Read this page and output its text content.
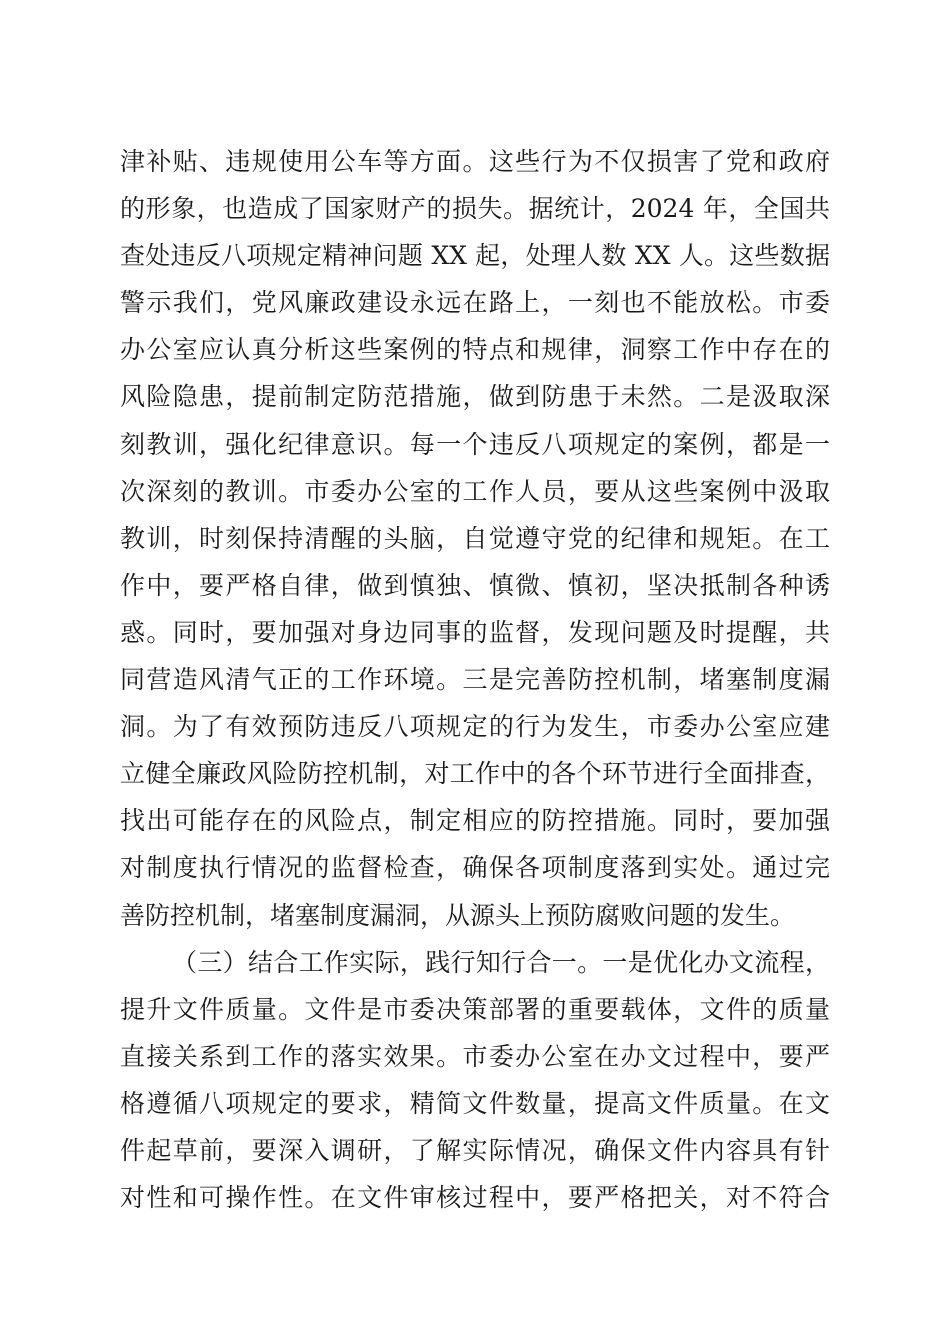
津补贴、违规使用公车等方面。这些行为不仅损害了党和政府
的形象，也造成了国家财产的损失。据统计，2024 年，全国共
查处违反八项规定精神问题 XX 起，处理人数 XX 人。这些数据
警示我们，党风廉政建设永远在路上，一刻也不能放松。市委
办公室应认真分析这些案例的特点和规律，洞察工作中存在的
风险隐患，提前制定防范措施，做到防患于未然。二是汲取深
刻教训，强化纪律意识。每一个违反八项规定的案例，都是一
次深刻的教训。市委办公室的工作人员，要从这些案例中汲取
教训，时刻保持清醒的头脑，自觉遵守党的纪律和规矩。在工
作中，要严格自律，做到慎独、慎微、慎初，坚决抵制各种诱
惑。同时，要加强对身边同事的监督，发现问题及时提醒，共
同营造风清气正的工作环境。三是完善防控机制，堵塞制度漏
洞。为了有效预防违反八项规定的行为发生，市委办公室应建
立健全廉政风险防控机制，对工作中的各个环节进行全面排查，
找出可能存在的风险点，制定相应的防控措施。同时，要加强
对制度执行情况的监督检查，确保各项制度落到实处。通过完
善防控机制，堵塞制度漏洞，从源头上预防腐败问题的发生。
（三）结合工作实际，践行知行合一。一是优化办文流程，
提升文件质量。文件是市委决策部署的重要载体，文件的质量
直接关系到工作的落实效果。市委办公室在办文过程中，要严
格遵循八项规定的要求，精简文件数量，提高文件质量。在文
件起草前，要深入调研，了解实际情况，确保文件内容具有针
对性和可操作性。在文件审核过程中，要严格把关，对不符合
